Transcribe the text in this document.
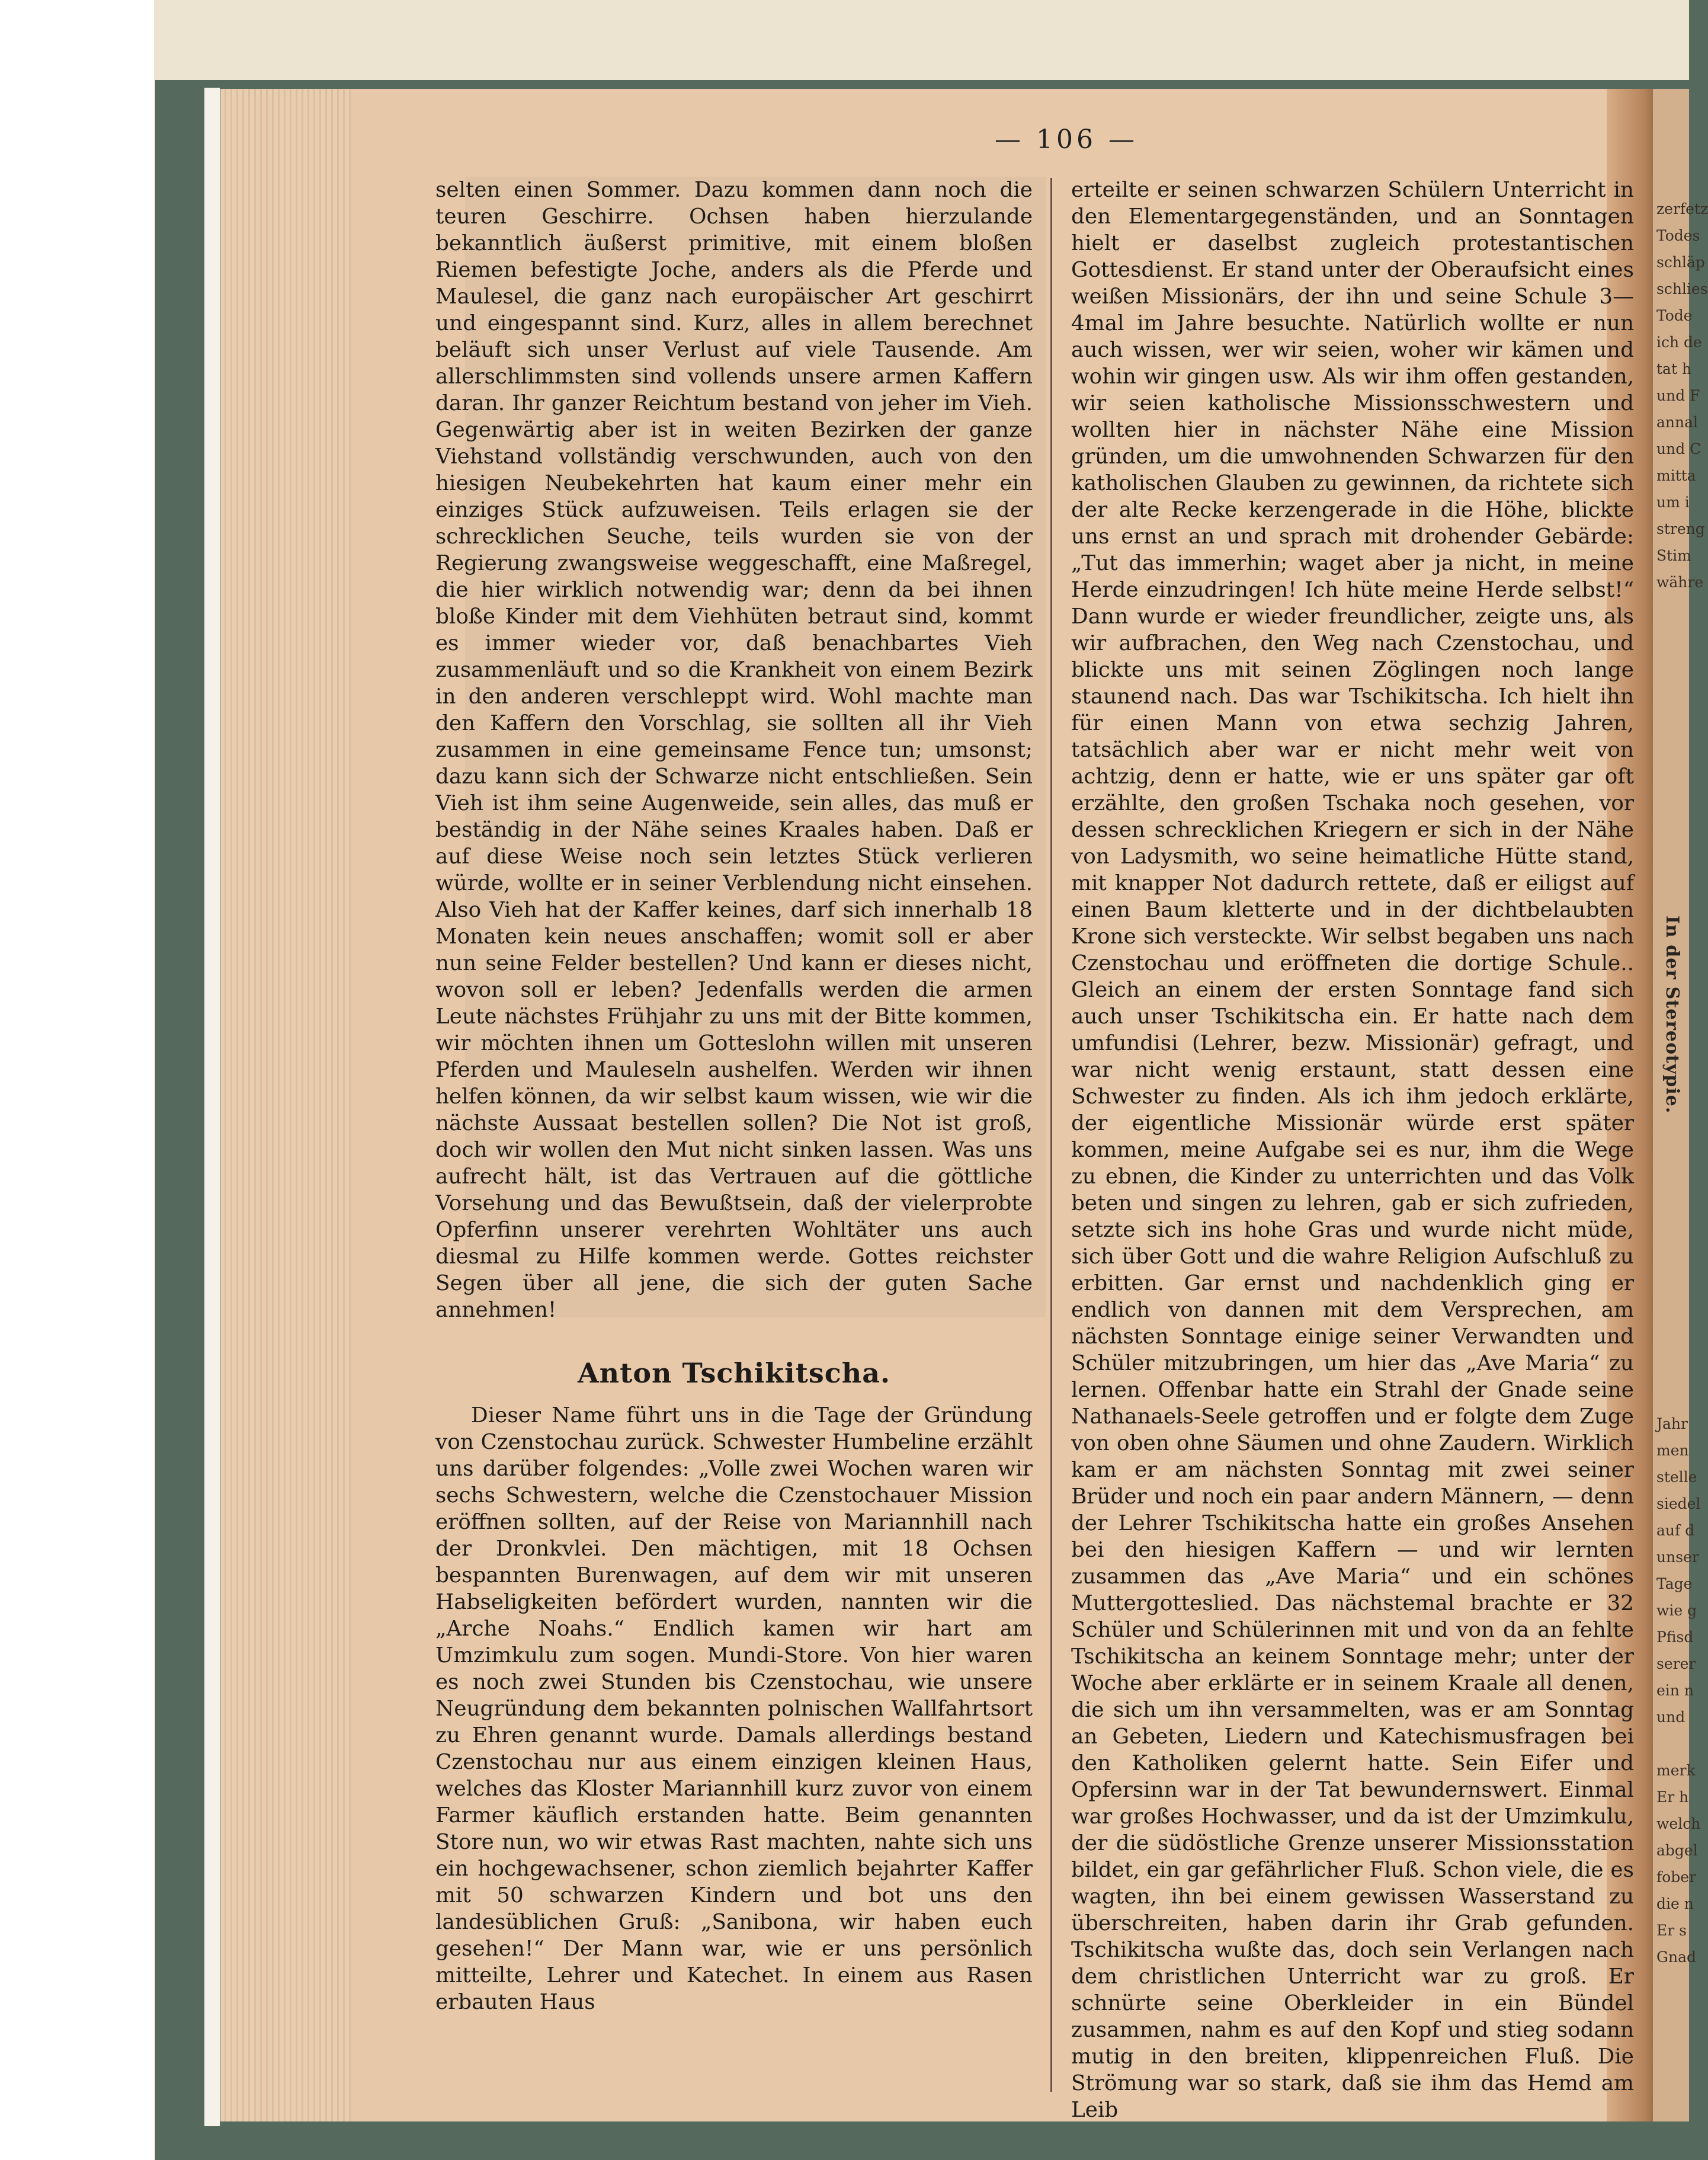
— 106 —

selten einen Sommer. Dazu kommen dann noch die teuren Geschirre. Ochsen haben hierzulande bekanntlich äußerst primitive, mit einem bloßen Riemen befestigte Joche, anders als die Pferde und Maulesel, die ganz nach europäischer Art geschirrt und eingespannt sind. Kurz, alles in allem berechnet beläuft sich unser Verlust auf viele Tausende. Am allerschlimmsten sind vollends unsere armen Kaffern daran. Ihr ganzer Reichtum bestand von jeher im Vieh. Gegenwärtig aber ist in weiten Bezirken der ganze Viehstand vollständig verschwunden, auch von den hiesigen Neubekehrten hat kaum einer mehr ein einziges Stück aufzuweisen. Teils erlagen sie der schrecklichen Seuche, teils wurden sie von der Regierung zwangsweise weggeschafft, eine Maßregel, die hier wirklich notwendig war; denn da bei ihnen bloße Kinder mit dem Viehhüten betraut sind, kommt es immer wieder vor, daß benachbartes Vieh zusammenläuft und so die Krankheit von einem Bezirk in den anderen verschleppt wird. Wohl machte man den Kaffern den Vorschlag, sie sollten all ihr Vieh zusammen in eine gemeinsame Fence tun; umsonst; dazu kann sich der Schwarze nicht entschließen. Sein Vieh ist ihm seine Augenweide, sein alles, das muß er beständig in der Nähe seines Kraales haben. Daß er auf diese Weise noch sein letztes Stück verlieren würde, wollte er in seiner Verblendung nicht einsehen. Also Vieh hat der Kaffer keines, darf sich innerhalb 18 Monaten kein neues anschaffen; womit soll er aber nun seine Felder bestellen? Und kann er dieses nicht, wovon soll er leben? Jedenfalls werden die armen Leute nächstes Frühjahr zu uns mit der Bitte kommen, wir möchten ihnen um Gotteslohn willen mit unseren Pferden und Mauleseln aushelfen. Werden wir ihnen helfen können, da wir selbst kaum wissen, wie wir die nächste Aussaat bestellen sollen? Die Not ist groß, doch wir wollen den Mut nicht sinken lassen. Was uns aufrecht hält, ist das Vertrauen auf die göttliche Vorsehung und das Bewußtsein, daß der vielerprobte Opferfinn unserer verehrten Wohltäter uns auch diesmal zu Hilfe kommen werde. Gottes reichster Segen über all jene, die sich der guten Sache annehmen!

Anton Tschikitscha.

Dieser Name führt uns in die Tage der Gründung von Czenstochau zurück. Schwester Humbeline erzählt uns darüber folgendes: „Volle zwei Wochen waren wir sechs Schwestern, welche die Czenstochauer Mission eröffnen sollten, auf der Reise von Mariannhill nach der Dronkvlei. Den mächtigen, mit 18 Ochsen bespannten Burenwagen, auf dem wir mit unseren Habseligkeiten befördert wurden, nannten wir die „Arche Noahs.“ Endlich kamen wir hart am Umzimkulu zum sogen. Mundi-Store. Von hier waren es noch zwei Stunden bis Czenstochau, wie unsere Neugründung dem bekannten polnischen Wallfahrtsort zu Ehren genannt wurde. Damals allerdings bestand Czenstochau nur aus einem einzigen kleinen Haus, welches das Kloster Mariannhill kurz zuvor von einem Farmer käuflich erstanden hatte. Beim genannten Store nun, wo wir etwas Rast machten, nahte sich uns ein hochgewachsener, schon ziemlich bejahrter Kaffer mit 50 schwarzen Kindern und bot uns den landesüblichen Gruß: „Sanibona, wir haben euch gesehen!“ Der Mann war, wie er uns persönlich mitteilte, Lehrer und Katechet. In einem aus Rasen erbauten Haus

erteilte er seinen schwarzen Schülern Unterricht in den Elementargegenständen, und an Sonntagen hielt er daselbst zugleich protestantischen Gottesdienst. Er stand unter der Oberaufsicht eines weißen Missionärs, der ihn und seine Schule 3—4mal im Jahre besuchte. Natürlich wollte er nun auch wissen, wer wir seien, woher wir kämen und wohin wir gingen usw. Als wir ihm offen gestanden, wir seien katholische Missionsschwestern und wollten hier in nächster Nähe eine Mission gründen, um die umwohnenden Schwarzen für den katholischen Glauben zu gewinnen, da richtete sich der alte Recke kerzengerade in die Höhe, blickte uns ernst an und sprach mit drohender Gebärde: „Tut das immerhin; waget aber ja nicht, in meine Herde einzudringen! Ich hüte meine Herde selbst!“ Dann wurde er wieder freundlicher, zeigte uns, als wir aufbrachen, den Weg nach Czenstochau, und blickte uns mit seinen Zöglingen noch lange staunend nach. Das war Tschikitscha. Ich hielt ihn für einen Mann von etwa sechzig Jahren, tatsächlich aber war er nicht mehr weit von achtzig, denn er hatte, wie er uns später gar oft erzählte, den großen Tschaka noch gesehen, vor dessen schrecklichen Kriegern er sich in der Nähe von Ladysmith, wo seine heimatliche Hütte stand, mit knapper Not dadurch rettete, daß er eiligst auf einen Baum kletterte und in der dichtbelaubten Krone sich versteckte. Wir selbst begaben uns nach Czenstochau und eröffneten die dortige Schule.. Gleich an einem der ersten Sonntage fand sich auch unser Tschikitscha ein. Er hatte nach dem umfundisi (Lehrer, bezw. Missionär) gefragt, und war nicht wenig erstaunt, statt dessen eine Schwester zu finden. Als ich ihm jedoch erklärte, der eigentliche Missionär würde erst später kommen, meine Aufgabe sei es nur, ihm die Wege zu ebnen, die Kinder zu unterrichten und das Volk beten und singen zu lehren, gab er sich zufrieden, setzte sich ins hohe Gras und wurde nicht müde, sich über Gott und die wahre Religion Aufschluß zu erbitten. Gar ernst und nachdenklich ging er endlich von dannen mit dem Versprechen, am nächsten Sonntage einige seiner Verwandten und Schüler mitzubringen, um hier das „Ave Maria“ zu lernen. Offenbar hatte ein Strahl der Gnade seine Nathanaels-Seele getroffen und er folgte dem Zuge von oben ohne Säumen und ohne Zaudern. Wirklich kam er am nächsten Sonntag mit zwei seiner Brüder und noch ein paar andern Männern, — denn der Lehrer Tschikitscha hatte ein großes Ansehen bei den hiesigen Kaffern — und wir lernten zusammen das „Ave Maria“ und ein schönes Muttergotteslied. Das nächstemal brachte er 32 Schüler und Schülerinnen mit und von da an fehlte Tschikitscha an keinem Sonntage mehr; unter der Woche aber erklärte er in seinem Kraale all denen, die sich um ihn versammelten, was er am Sonntag an Gebeten, Liedern und Katechismusfragen bei den Katholiken gelernt hatte. Sein Eifer und Opfersinn war in der Tat bewundernswert. Einmal war großes Hochwasser, und da ist der Umzimkulu, der die südöstliche Grenze unserer Missionsstation bildet, ein gar gefährlicher Fluß. Schon viele, die es wagten, ihn bei einem gewissen Wasserstand zu überschreiten, haben darin ihr Grab gefunden. Tschikitscha wußte das, doch sein Verlangen nach dem christlichen Unterricht war zu groß. Er schnürte seine Oberkleider in ein Bündel zusammen, nahm es auf den Kopf und stieg sodann mutig in den breiten, klippenreichen Fluß. Die Strömung war so stark, daß sie ihm das Hemd am Leib

zerfetz
Todes
schläp
schlies
Tode
ich de
tat h
und F
annal
und C
mitta
um i
streng
Stim
währe
In der Stereotypie.
Jahr
men
stelle
siedel
auf d
unser
Tage
wie g
Pfisd
serer
ein n
und

merk
Er h
welch
abgel
fober
die n
Er s
Gnad
